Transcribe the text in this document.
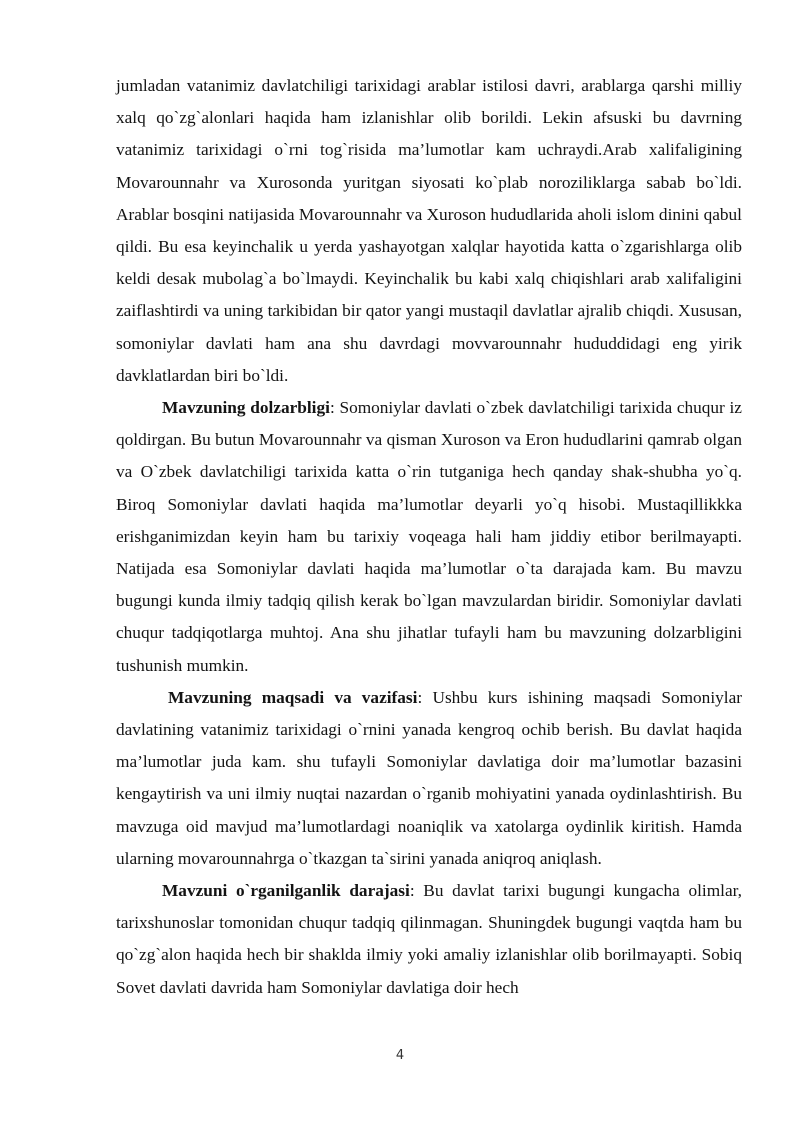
jumladan vatanimiz davlatchiligi tarixidagi arablar istilosi davri, arablarga qarshi milliy xalq qo`zg`alonlari haqida ham izlanishlar olib borildi. Lekin afsuski bu davrning vatanimiz tarixidagi o`rni tog`risida ma’lumotlar kam uchraydi.Arab xalifaligining Movarounnahr va Xurosonda yuritgan siyosati ko`plab noroziliklarga sabab bo`ldi. Arablar bosqini natijasida Movarounnahr va Xuroson hududlarida aholi islom dinini qabul qildi. Bu esa keyinchalik u yerda yashayotgan xalqlar hayotida katta o`zgarishlarga olib keldi desak mubolag`a bo`lmaydi. Keyinchalik bu kabi xalq chiqishlari arab xalifaligini zaiflashtirdi va uning tarkibidan bir qator yangi mustaqil davlatlar ajralib chiqdi. Xususan, somoniylar davlati ham ana shu davrdagi movvarounnahr hududdidagi eng yirik davklatlardan biri bo`ldi.

Mavzuning dolzarbligi: Somoniylar davlati o`zbek davlatchiligi tarixida chuqur iz qoldirgan. Bu butun Movarounnahr va qisman Xuroson va Eron hududlarini qamrab olgan va O`zbek davlatchiligi tarixida katta o`rin tutganiga hech qanday shak-shubha yo`q. Biroq Somoniylar davlati haqida ma’lumotlar deyarli yo`q hisobi. Mustaqillikkka erishganimizdan keyin ham bu tarixiy voqeaga hali ham jiddiy etibor berilmayapti. Natijada esa Somoniylar davlati haqida ma’lumotlar o`ta darajada kam. Bu mavzu bugungi kunda ilmiy tadqiq qilish kerak bo`lgan mavzulardan biridir. Somoniylar davlati chuqur tadqiqotlarga muhtoj. Ana shu jihatlar tufayli ham bu mavzuning dolzarbligini tushunish mumkin.

Mavzuning maqsadi va vazifasi: Ushbu kurs ishining maqsadi Somoniylar davlatining vatanimiz tarixidagi o`rnini yanada kengroq ochib berish. Bu davlat haqida ma’lumotlar juda kam. shu tufayli Somoniylar davlatiga doir ma’lumotlar bazasini kengaytirish va uni ilmiy nuqtai nazardan o`rganib mohiyatini yanada oydinlashtirish. Bu mavzuga oid mavjud ma’lumotlardagi noaniqlik va xatolarga oydinlik kiritish. Hamda ularning movarounnahrga o`tkazgan ta`sirini yanada aniqroq aniqlash.

Mavzuni o`rganilganlik darajasi: Bu davlat tarixi bugungi kungacha olimlar, tarixshunoslar tomonidan chuqur tadqiq qilinmagan. Shuningdek bugungi vaqtda ham bu qo`zg`alon haqida hech bir shaklda ilmiy yoki amaliy izlanishlar olib borilmayapti. Sobiq Sovet davlati davrida ham Somoniylar davlatiga doir hech

4
